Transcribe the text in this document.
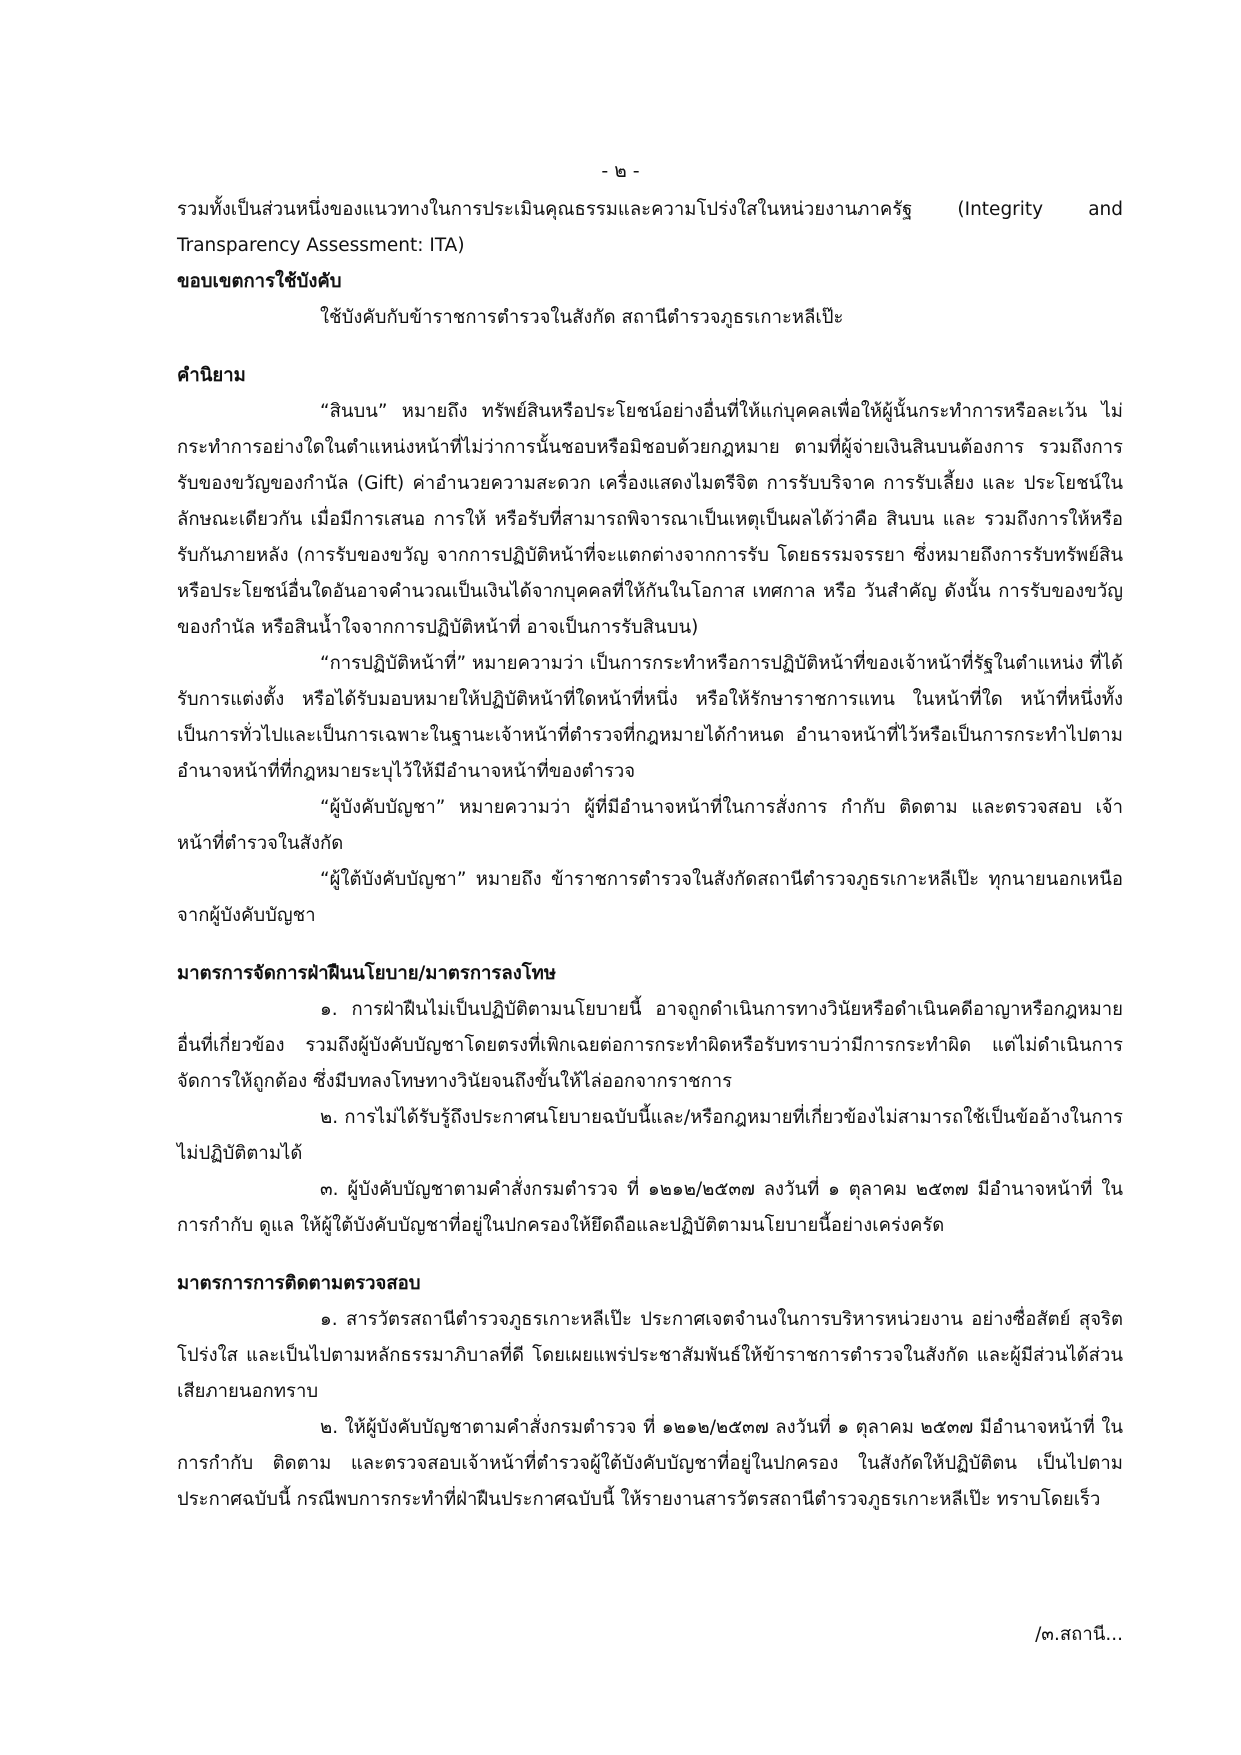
- ๒ -

รวมทั้งเป็นส่วนหนึ่งของแนวทางในการประเมินคุณธรรมและความโปร่งใสในหน่วยงานภาครัฐ (Integrity and Transparency Assessment: ITA)

ขอบเขตการใช้บังคับ

ใช้บังคับกับข้าราชการตำรวจในสังกัด สถานีตำรวจภูธรเกาะหลีเป๊ะ

คำนิยาม

“สินบน” หมายถึง ทรัพย์สินหรือประโยชน์อย่างอื่นที่ให้แก่บุคคลเพื่อให้ผู้นั้นกระทำการหรือละเว้น ไม่กระทำการอย่างใดในตำแหน่งหน้าที่ไม่ว่าการนั้นชอบหรือมิชอบด้วยกฎหมาย ตามที่ผู้จ่ายเงินสินบนต้องการ รวมถึงการรับของขวัญของกำนัล (Gift) ค่าอำนวยความสะดวก เครื่องแสดงไมตรีจิต การรับบริจาค การรับเลี้ยง และ ประโยชน์ในลักษณะเดียวกัน เมื่อมีการเสนอ การให้ หรือรับที่สามารถพิจารณาเป็นเหตุเป็นผลได้ว่าคือ สินบน และ รวมถึงการให้หรือรับกันภายหลัง (การรับของขวัญ จากการปฏิบัติหน้าที่จะแตกต่างจากการรับ โดยธรรมจรรยา ซึ่งหมายถึงการรับทรัพย์สินหรือประโยชน์อื่นใดอันอาจคำนวณเป็นเงินได้จากบุคคลที่ให้กันในโอกาส เทศกาล หรือ วันสำคัญ ดังนั้น การรับของขวัญ ของกำนัล หรือสินน้ำใจจากการปฏิบัติหน้าที่ อาจเป็นการรับสินบน)

“การปฏิบัติหน้าที่” หมายความว่า เป็นการกระทำหรือการปฏิบัติหน้าที่ของเจ้าหน้าที่รัฐในตำแหน่ง ที่ได้รับการแต่งตั้ง หรือได้รับมอบหมายให้ปฏิบัติหน้าที่ใดหน้าที่หนึ่ง หรือให้รักษาราชการแทน ในหน้าที่ใด หน้าที่หนึ่งทั้งเป็นการทั่วไปและเป็นการเฉพาะในฐานะเจ้าหน้าที่ตำรวจที่กฎหมายได้กำหนด อำนาจหน้าที่ไว้หรือเป็นการกระทำไปตามอำนาจหน้าที่ที่กฎหมายระบุไว้ให้มีอำนาจหน้าที่ของตำรวจ

“ผู้บังคับบัญชา” หมายความว่า ผู้ที่มีอำนาจหน้าที่ในการสั่งการ กำกับ ติดตาม และตรวจสอบ เจ้าหน้าที่ตำรวจในสังกัด

“ผู้ใต้บังคับบัญชา” หมายถึง ข้าราชการตำรวจในสังกัดสถานีตำรวจภูธรเกาะหลีเป๊ะ ทุกนายนอกเหนือจากผู้บังคับบัญชา

มาตรการจัดการฝ่าฝืนนโยบาย/มาตรการลงโทษ

๑. การฝ่าฝืนไม่เป็นปฏิบัติตามนโยบายนี้ อาจถูกดำเนินการทางวินัยหรือดำเนินคดีอาญาหรือกฎหมาย อื่นที่เกี่ยวข้อง รวมถึงผู้บังคับบัญชาโดยตรงที่เพิกเฉยต่อการกระทำผิดหรือรับทราบว่ามีการกระทำผิด แต่ไม่ดำเนินการจัดการให้ถูกต้อง ซึ่งมีบทลงโทษทางวินัยจนถึงขั้นให้ไล่ออกจากราชการ

๒. การไม่ได้รับรู้ถึงประกาศนโยบายฉบับนี้และ/หรือกฎหมายที่เกี่ยวข้องไม่สามารถใช้เป็นข้ออ้างในการไม่ปฏิบัติตามได้

๓. ผู้บังคับบัญชาตามคำสั่งกรมตำรวจ ที่ ๑๒๑๒/๒๕๓๗ ลงวันที่ ๑ ตุลาคม ๒๕๓๗ มีอำนาจหน้าที่ ในการกำกับ ดูแล ให้ผู้ใต้บังคับบัญชาที่อยู่ในปกครองให้ยึดถือและปฏิบัติตามนโยบายนี้อย่างเคร่งครัด

มาตรการการติดตามตรวจสอบ

๑. สารวัตรสถานีตำรวจภูธรเกาะหลีเป๊ะ ประกาศเจตจำนงในการบริหารหน่วยงาน อย่างซื่อสัตย์ สุจริต โปร่งใส และเป็นไปตามหลักธรรมาภิบาลที่ดี โดยเผยแพร่ประชาสัมพันธ์ให้ข้าราชการตำรวจในสังกัด และผู้มีส่วนได้ส่วนเสียภายนอกทราบ

๒. ให้ผู้บังคับบัญชาตามคำสั่งกรมตำรวจ ที่ ๑๒๑๒/๒๕๓๗ ลงวันที่ ๑ ตุลาคม ๒๕๓๗ มีอำนาจหน้าที่ ในการกำกับ ติดตาม และตรวจสอบเจ้าหน้าที่ตำรวจผู้ใต้บังคับบัญชาที่อยู่ในปกครอง ในสังกัดให้ปฏิบัติตน เป็นไปตามประกาศฉบับนี้ กรณีพบการกระทำที่ฝ่าฝืนประกาศฉบับนี้ ให้รายงานสารวัตรสถานีตำรวจภูธรเกาะหลีเป๊ะ ทราบโดยเร็ว

/๓.สถานี...
